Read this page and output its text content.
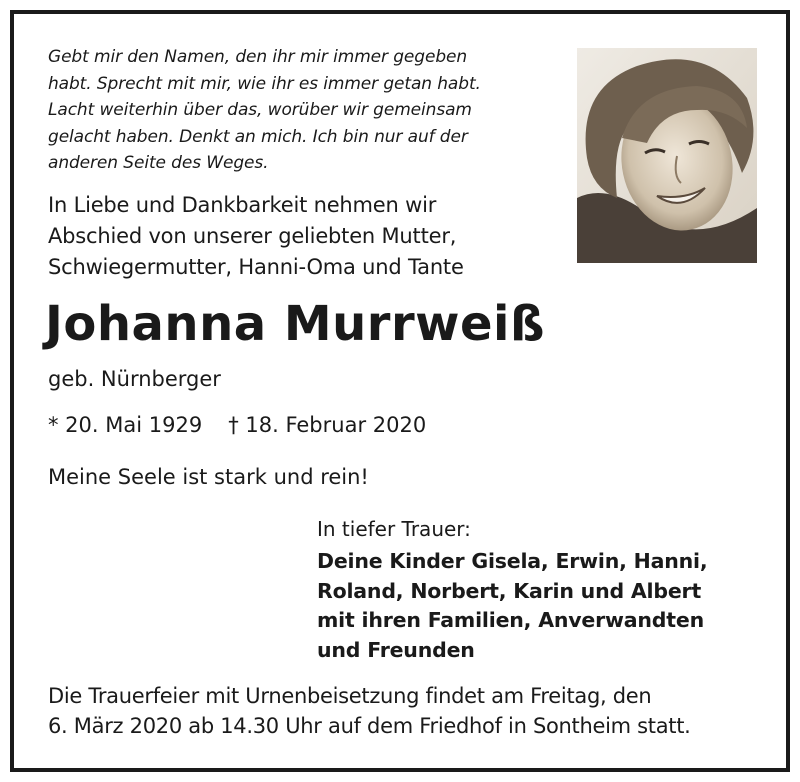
Gebt mir den Namen, den ihr mir immer gegeben
habt. Sprecht mit mir, wie ihr es immer getan habt.
Lacht weiterhin über das, worüber wir gemeinsam
gelacht haben. Denkt an mich. Ich bin nur auf der
anderen Seite des Weges.
In Liebe und Dankbarkeit nehmen wir
Abschied von unserer geliebten Mutter,
Schwiegermutter, Hanni-Oma und Tante
Johanna Murrweiß
geb. Nürnberger
* 20. Mai 1929 † 18. Februar 2020
Meine Seele ist stark und rein!
In tiefer Trauer:
Deine Kinder Gisela, Erwin, Hanni,
Roland, Norbert, Karin und Albert
mit ihren Familien, Anverwandten
und Freunden
Die Trauerfeier mit Urnenbeisetzung findet am Freitag, den
6. März 2020 ab 14.30 Uhr auf dem Friedhof in Sontheim statt.
